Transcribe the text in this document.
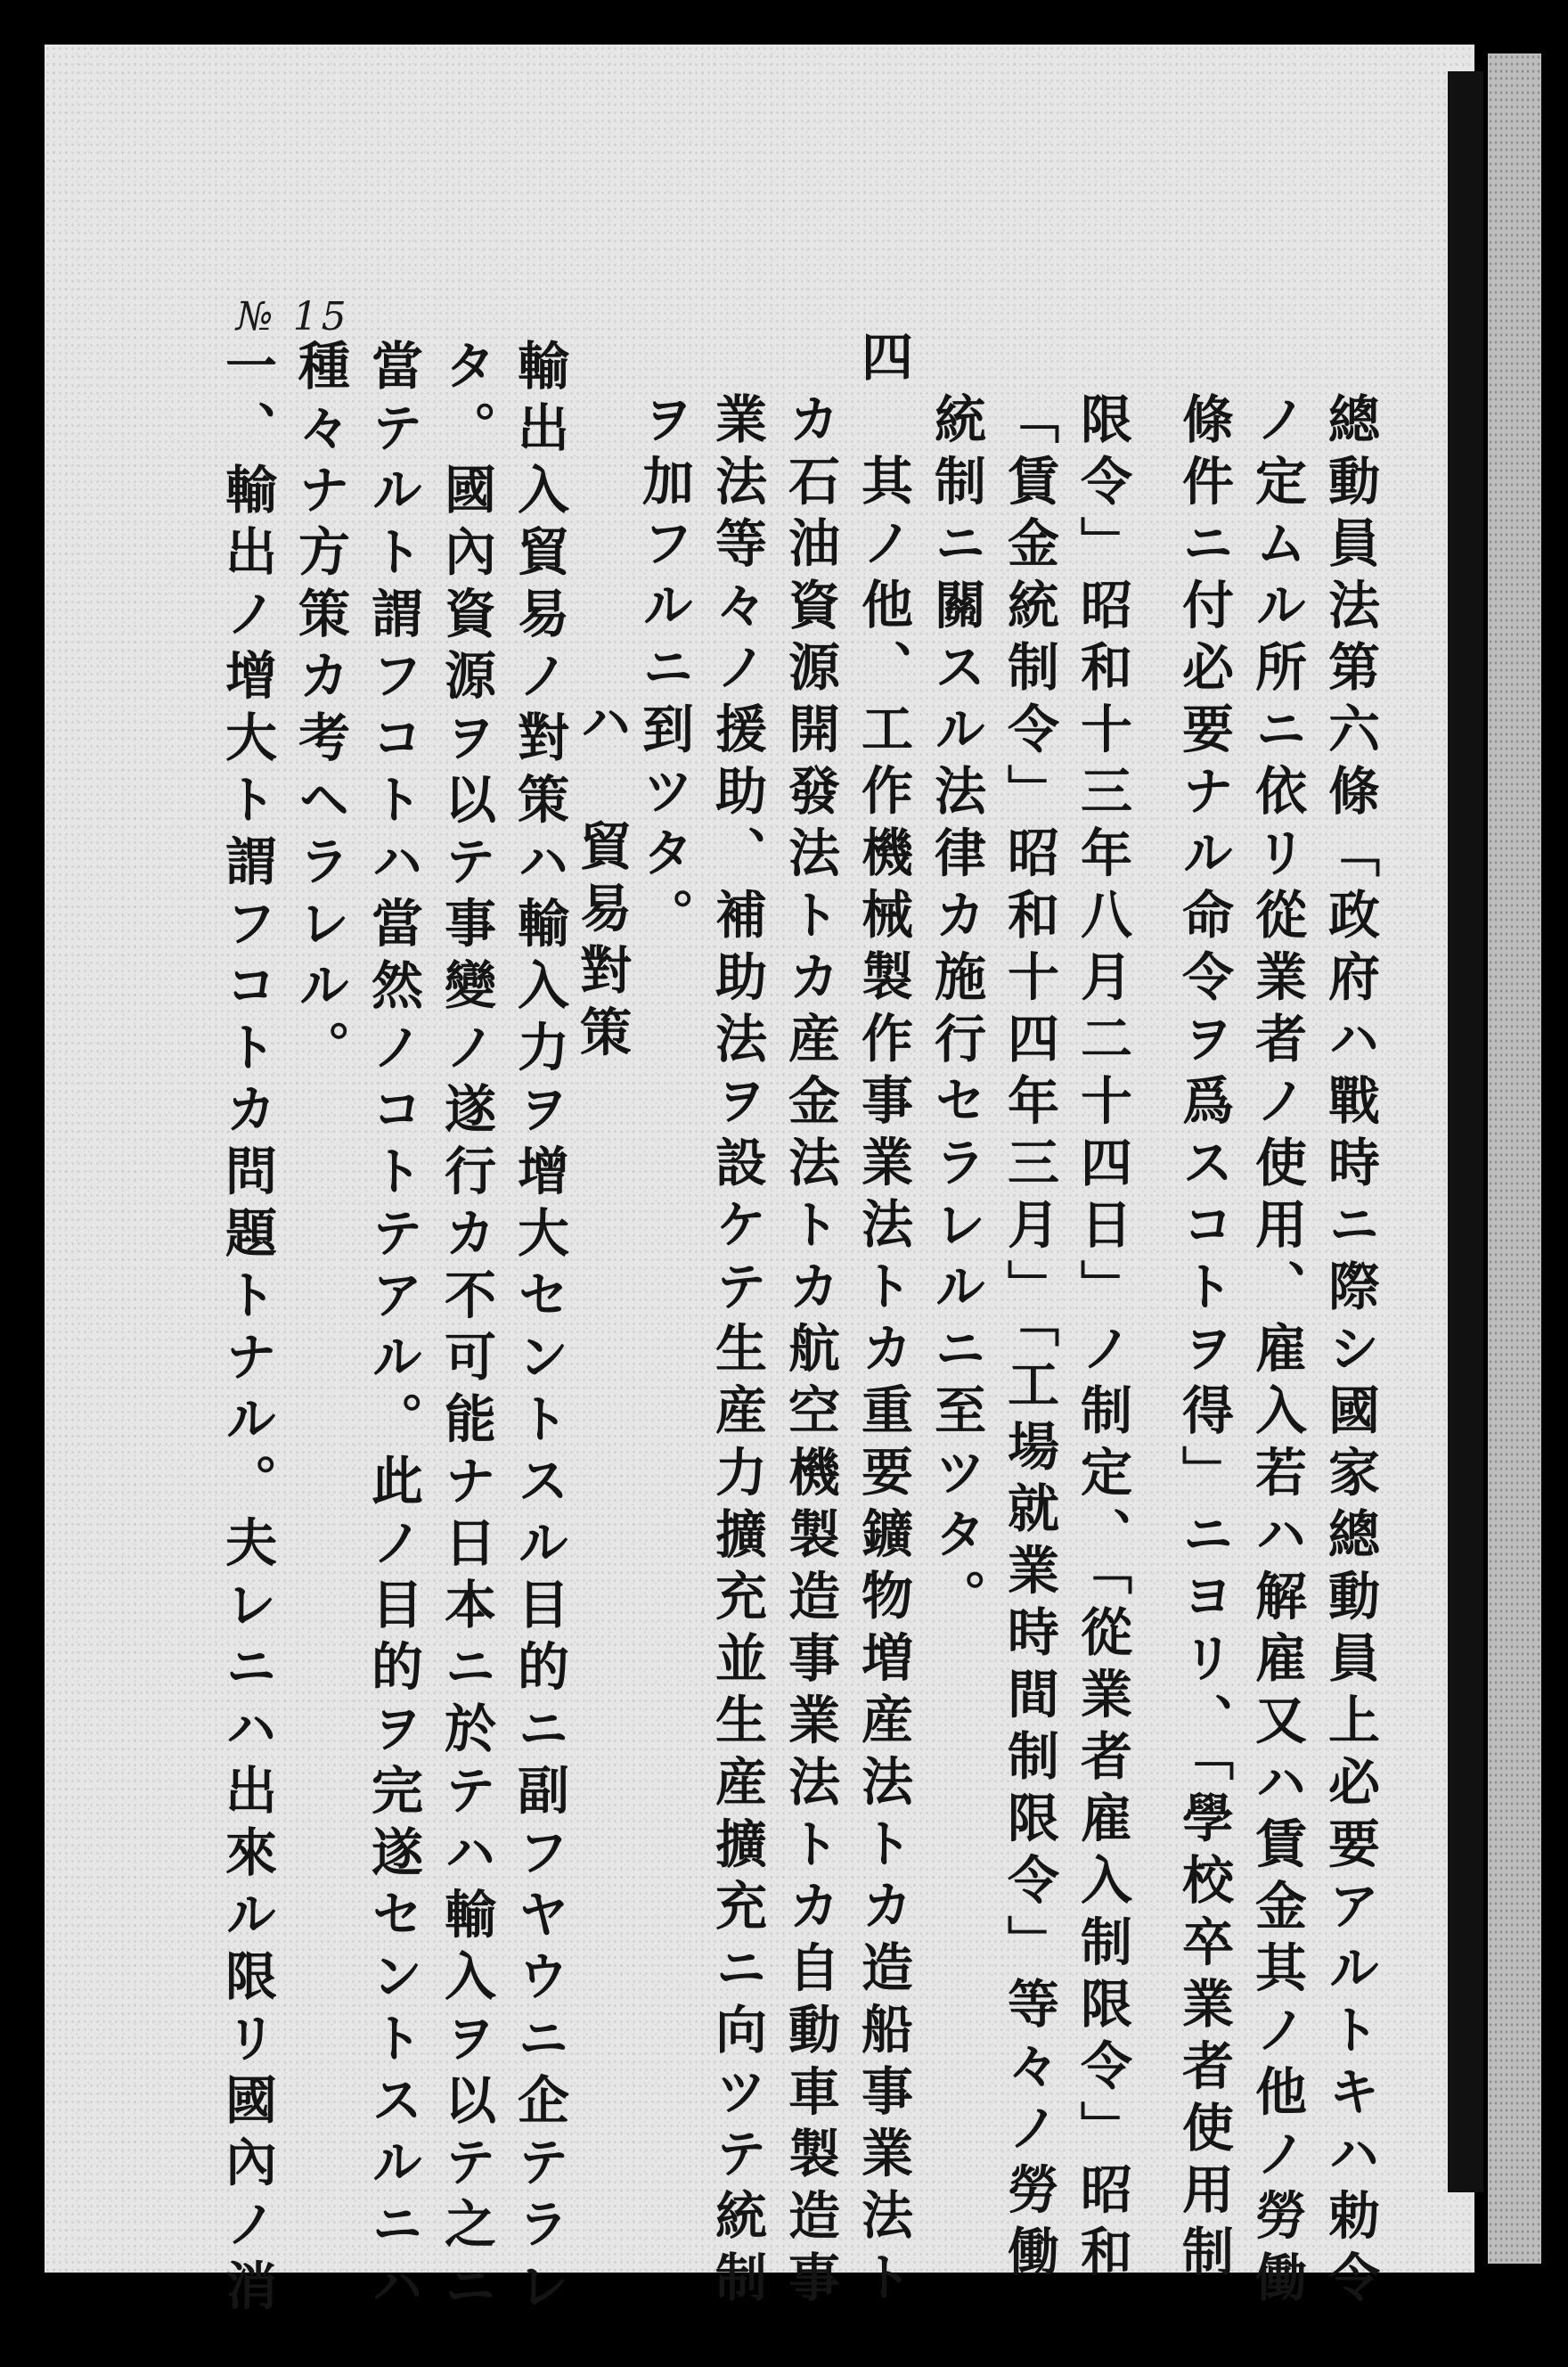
№ 15
總動員法第六條「政府ハ戰時ニ際シ國家總動員上必要アルトキハ勅令
ノ定ムル所ニ依リ從業者ノ使用、雇入若ハ解雇又ハ賃金其ノ他ノ勞働
條件ニ付必要ナル命令ヲ爲スコトヲ得」ニヨリ、「學校卒業者使用制
限令」昭和十三年八月二十四日」ノ制定、「從業者雇入制限令」昭和
「賃金統制令」昭和十四年三月」「工場就業時間制限令」等々ノ勞働
統制ニ關スル法律カ施行セラレルニ至ツタ。
四　其ノ他、工作機械製作事業法トカ重要鑛物増産法トカ造船事業法ト
カ石油資源開發法トカ産金法トカ航空機製造事業法トカ自動車製造事
業法等々ノ援助、補助法ヲ設ケテ生産力擴充並生産擴充ニ向ツテ統制
ヲ加フルニ到ツタ。
ハ　貿易對策
輸出入貿易ノ對策ハ輸入力ヲ增大セントスル目的ニ副フヤウニ企テラレ
タ。國內資源ヲ以テ事變ノ遂行カ不可能ナ日本ニ於テハ輸入ヲ以テ之ニ
當テルト謂フコトハ當然ノコトテアル。此ノ目的ヲ完遂セントスルニハ
種々ナ方策カ考ヘラレル。
一、輸出ノ增大ト謂フコトカ問題トナル。夫レニハ出來ル限リ國內ノ消
